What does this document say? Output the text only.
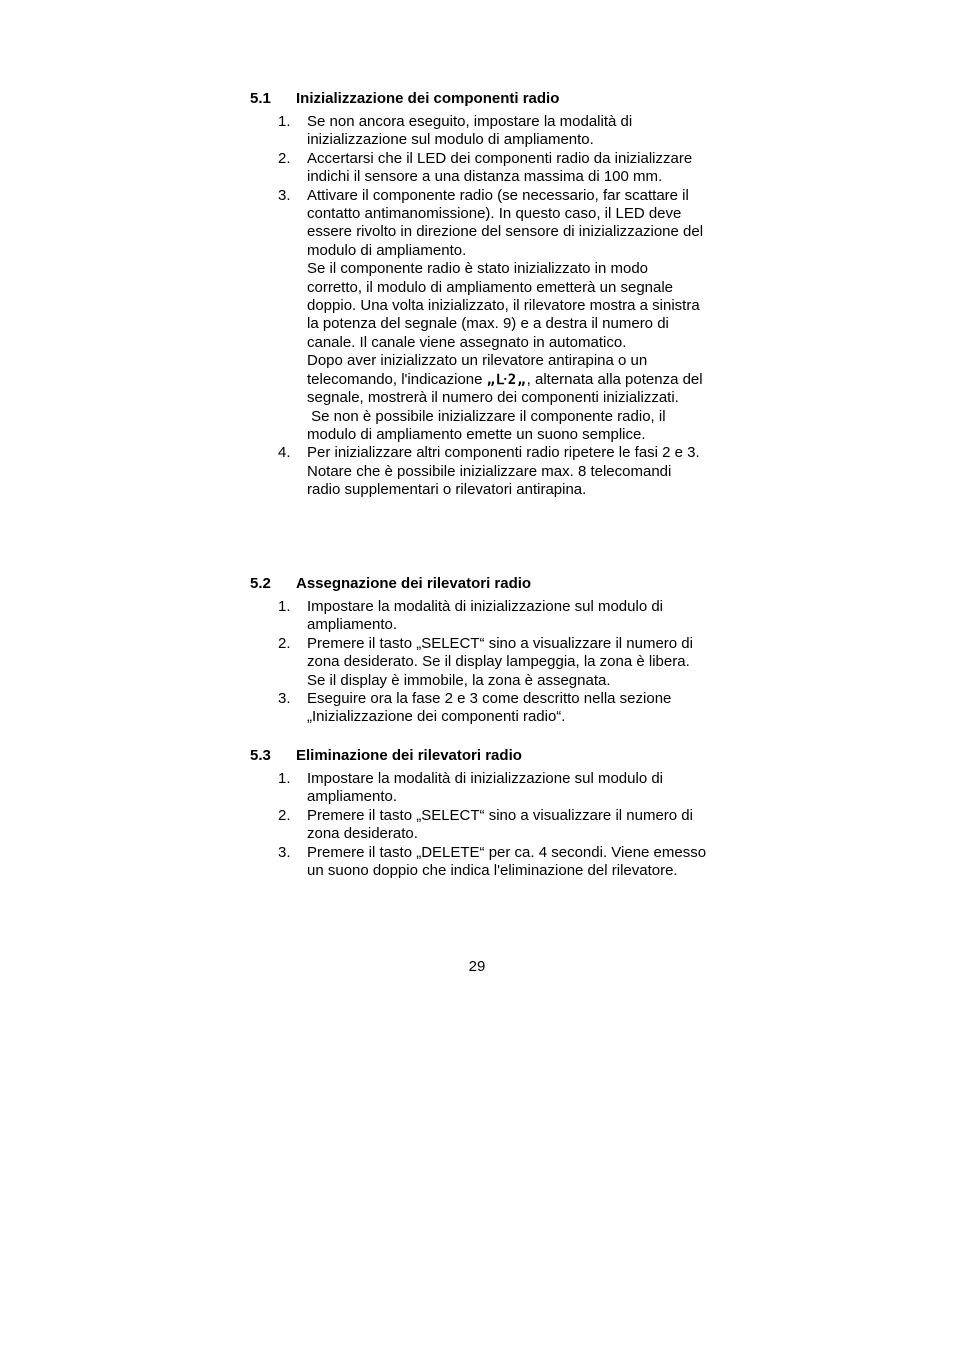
5.1	Inizializzazione dei componenti radio
1.	Se non ancora eseguito, impostare la modalità di inizializzazione sul modulo di ampliamento.
2.	Accertarsi che il LED dei componenti radio da inizializzare indichi il sensore a una distanza massima di 100 mm.
3.	Attivare il componente radio (se necessario, far scattare il contatto antimanomissione). In questo caso, il LED deve essere rivolto in direzione del sensore di inizializzazione del modulo di ampliamento.
Se il componente radio è stato inizializzato in modo corretto, il modulo di ampliamento emetterà un segnale doppio. Una volta inizializzato, il rilevatore mostra a sinistra la potenza del segnale (max. 9) e a destra il numero di canale. Il canale viene assegnato in automatico.
Dopo aver inizializzato un rilevatore antirapina o un telecomando, l'indicazione „ᒷ2„, alternata alla potenza del segnale, mostrerà il numero dei componenti inizializzati.
Se non è possibile inizializzare il componente radio, il modulo di ampliamento emette un suono semplice.
4.	Per inizializzare altri componenti radio ripetere le fasi 2 e 3. Notare che è possibile inizializzare max. 8 telecomandi radio supplementari o rilevatori antirapina.
5.2	Assegnazione dei rilevatori radio
1.	Impostare la modalità di inizializzazione sul modulo di ampliamento.
2.	Premere il tasto „SELECT“ sino a visualizzare il numero di zona desiderato. Se il display lampeggia, la zona è libera. Se il display è immobile, la zona è assegnata.
3.	Eseguire ora la fase 2 e 3 come descritto nella sezione „Inizializzazione dei componenti radio“.
5.3	Eliminazione dei rilevatori radio
1.	Impostare la modalità di inizializzazione sul modulo di ampliamento.
2.	Premere il tasto „SELECT“ sino a visualizzare il numero di zona desiderato.
3.	Premere il tasto „DELETE“ per ca. 4 secondi. Viene emesso un suono doppio che indica l'eliminazione del rilevatore.
29
